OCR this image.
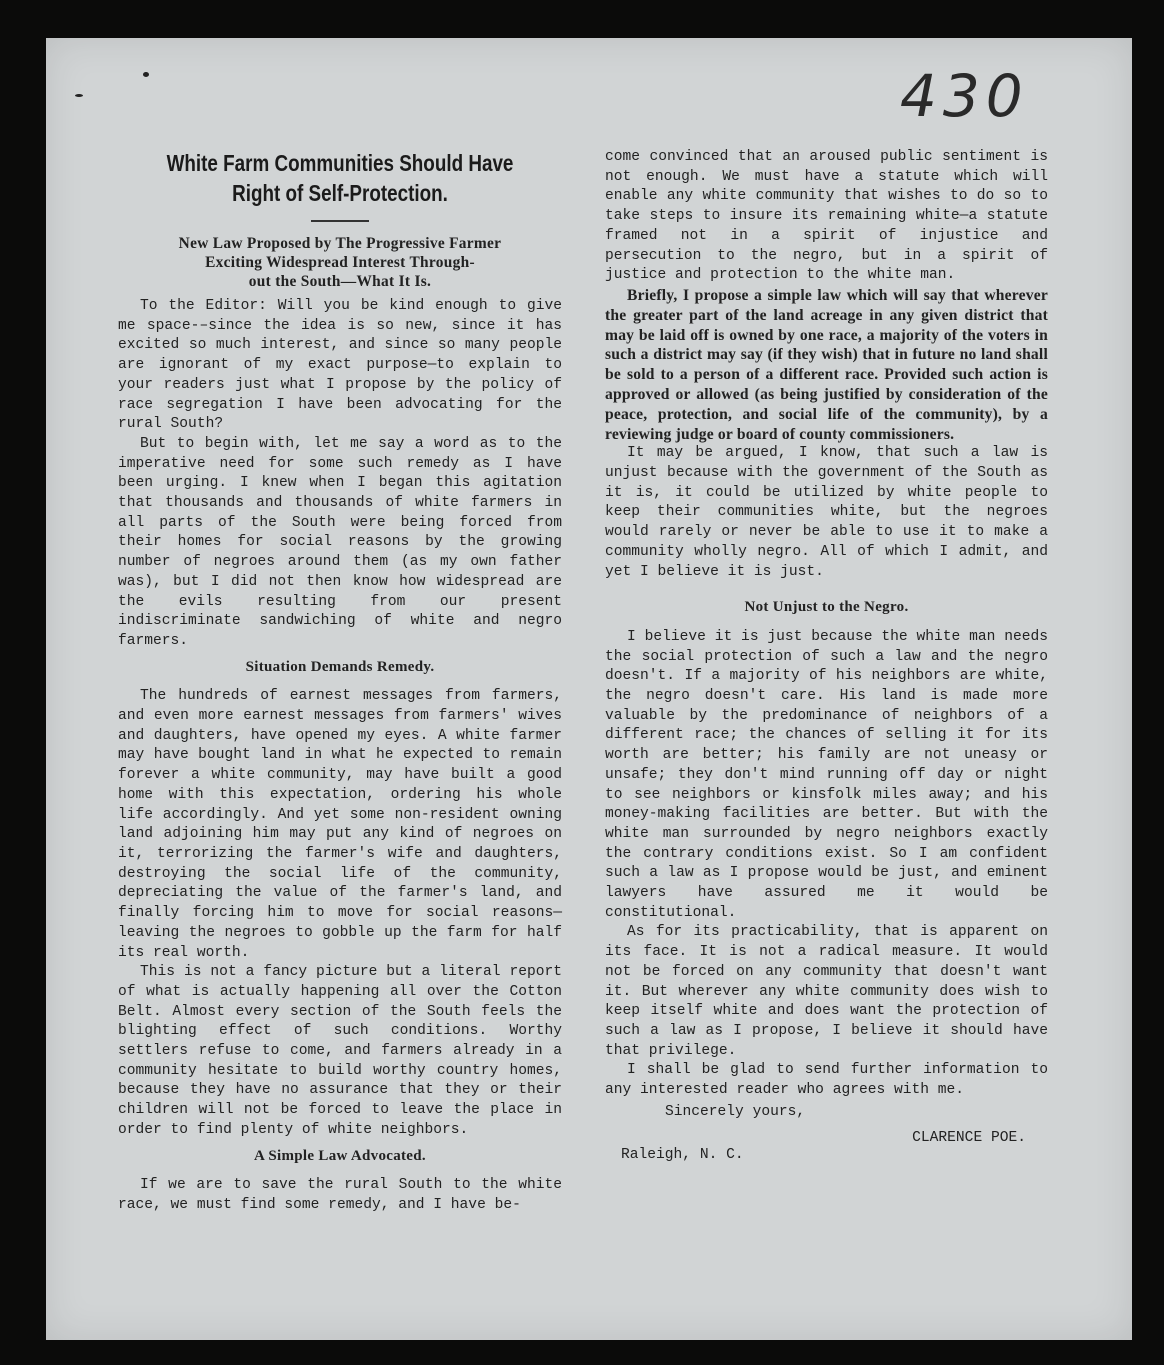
430
White Farm Communities Should Have
Right of Self-Protection.
New Law Proposed by The Progressive Farmer
Exciting Widespread Interest Through-
out the South—What It Is.

To the Editor: Will you be kind enough to give me space-–since the idea is so new, since it has excited so much interest, and since so many people are ignorant of my exact purpose—to explain to your readers just what I propose by the policy of race segregation I have been advocating for the rural South?

But to begin with, let me say a word as to the imperative need for some such remedy as I have been urging. I knew when I began this agitation that thousands and thousands of white farmers in all parts of the South were being forced from their homes for social reasons by the growing number of negroes around them (as my own father was), but I did not then know how widespread are the evils resulting from our present indiscriminate sandwiching of white and negro farmers.

Situation Demands Remedy.

The hundreds of earnest messages from farmers, and even more earnest messages from farmers' wives and daughters, have opened my eyes. A white farmer may have bought land in what he expected to remain forever a white community, may have built a good home with this expectation, ordering his whole life accordingly. And yet some non-resident owning land adjoining him may put any kind of negroes on it, terrorizing the farmer's wife and daughters, destroying the social life of the community, depreciating the value of the farmer's land, and finally forcing him to move for social reasons—leaving the negroes to gobble up the farm for half its real worth.

This is not a fancy picture but a literal report of what is actually happening all over the Cotton Belt. Almost every section of the South feels the blighting effect of such conditions. Worthy settlers refuse to come, and farmers already in a community hesitate to build worthy country homes, because they have no assurance that they or their children will not be forced to leave the place in order to find plenty of white neighbors.

A Simple Law Advocated.

If we are to save the rural South to the white race, we must find some remedy, and I have be-

come convinced that an aroused public sentiment is not enough. We must have a statute which will enable any white community that wishes to do so to take steps to insure its remaining white—a statute framed not in a spirit of injustice and persecution to the negro, but in a spirit of justice and protection to the white man.

Briefly, I propose a simple law which will say that wherever the greater part of the land acreage in any given district that may be laid off is owned by one race, a majority of the voters in such a district may say (if they wish) that in future no land shall be sold to a person of a different race. Provided such action is approved or allowed (as being justified by consideration of the peace, protection, and social life of the community), by a reviewing judge or board of county commissioners.

It may be argued, I know, that such a law is unjust because with the government of the South as it is, it could be utilized by white people to keep their communities white, but the negroes would rarely or never be able to use it to make a community wholly negro. All of which I admit, and yet I believe it is just.

Not Unjust to the Negro.

I believe it is just because the white man needs the social protection of such a law and the negro doesn't. If a majority of his neighbors are white, the negro doesn't care. His land is made more valuable by the predominance of neighbors of a different race; the chances of selling it for its worth are better; his family are not uneasy or unsafe; they don't mind running off day or night to see neighbors or kinsfolk miles away; and his money-making facilities are better. But with the white man surrounded by negro neighbors exactly the contrary conditions exist. So I am confident such a law as I propose would be just, and eminent lawyers have assured me it would be constitutional.

As for its practicability, that is apparent on its face. It is not a radical measure. It would not be forced on any community that doesn't want it. But wherever any white community does wish to keep itself white and does want the protection of such a law as I propose, I believe it should have that privilege.

I shall be glad to send further information to any interested reader who agrees with me.

Sincerely yours,
CLARENCE POE.
Raleigh, N. C.
